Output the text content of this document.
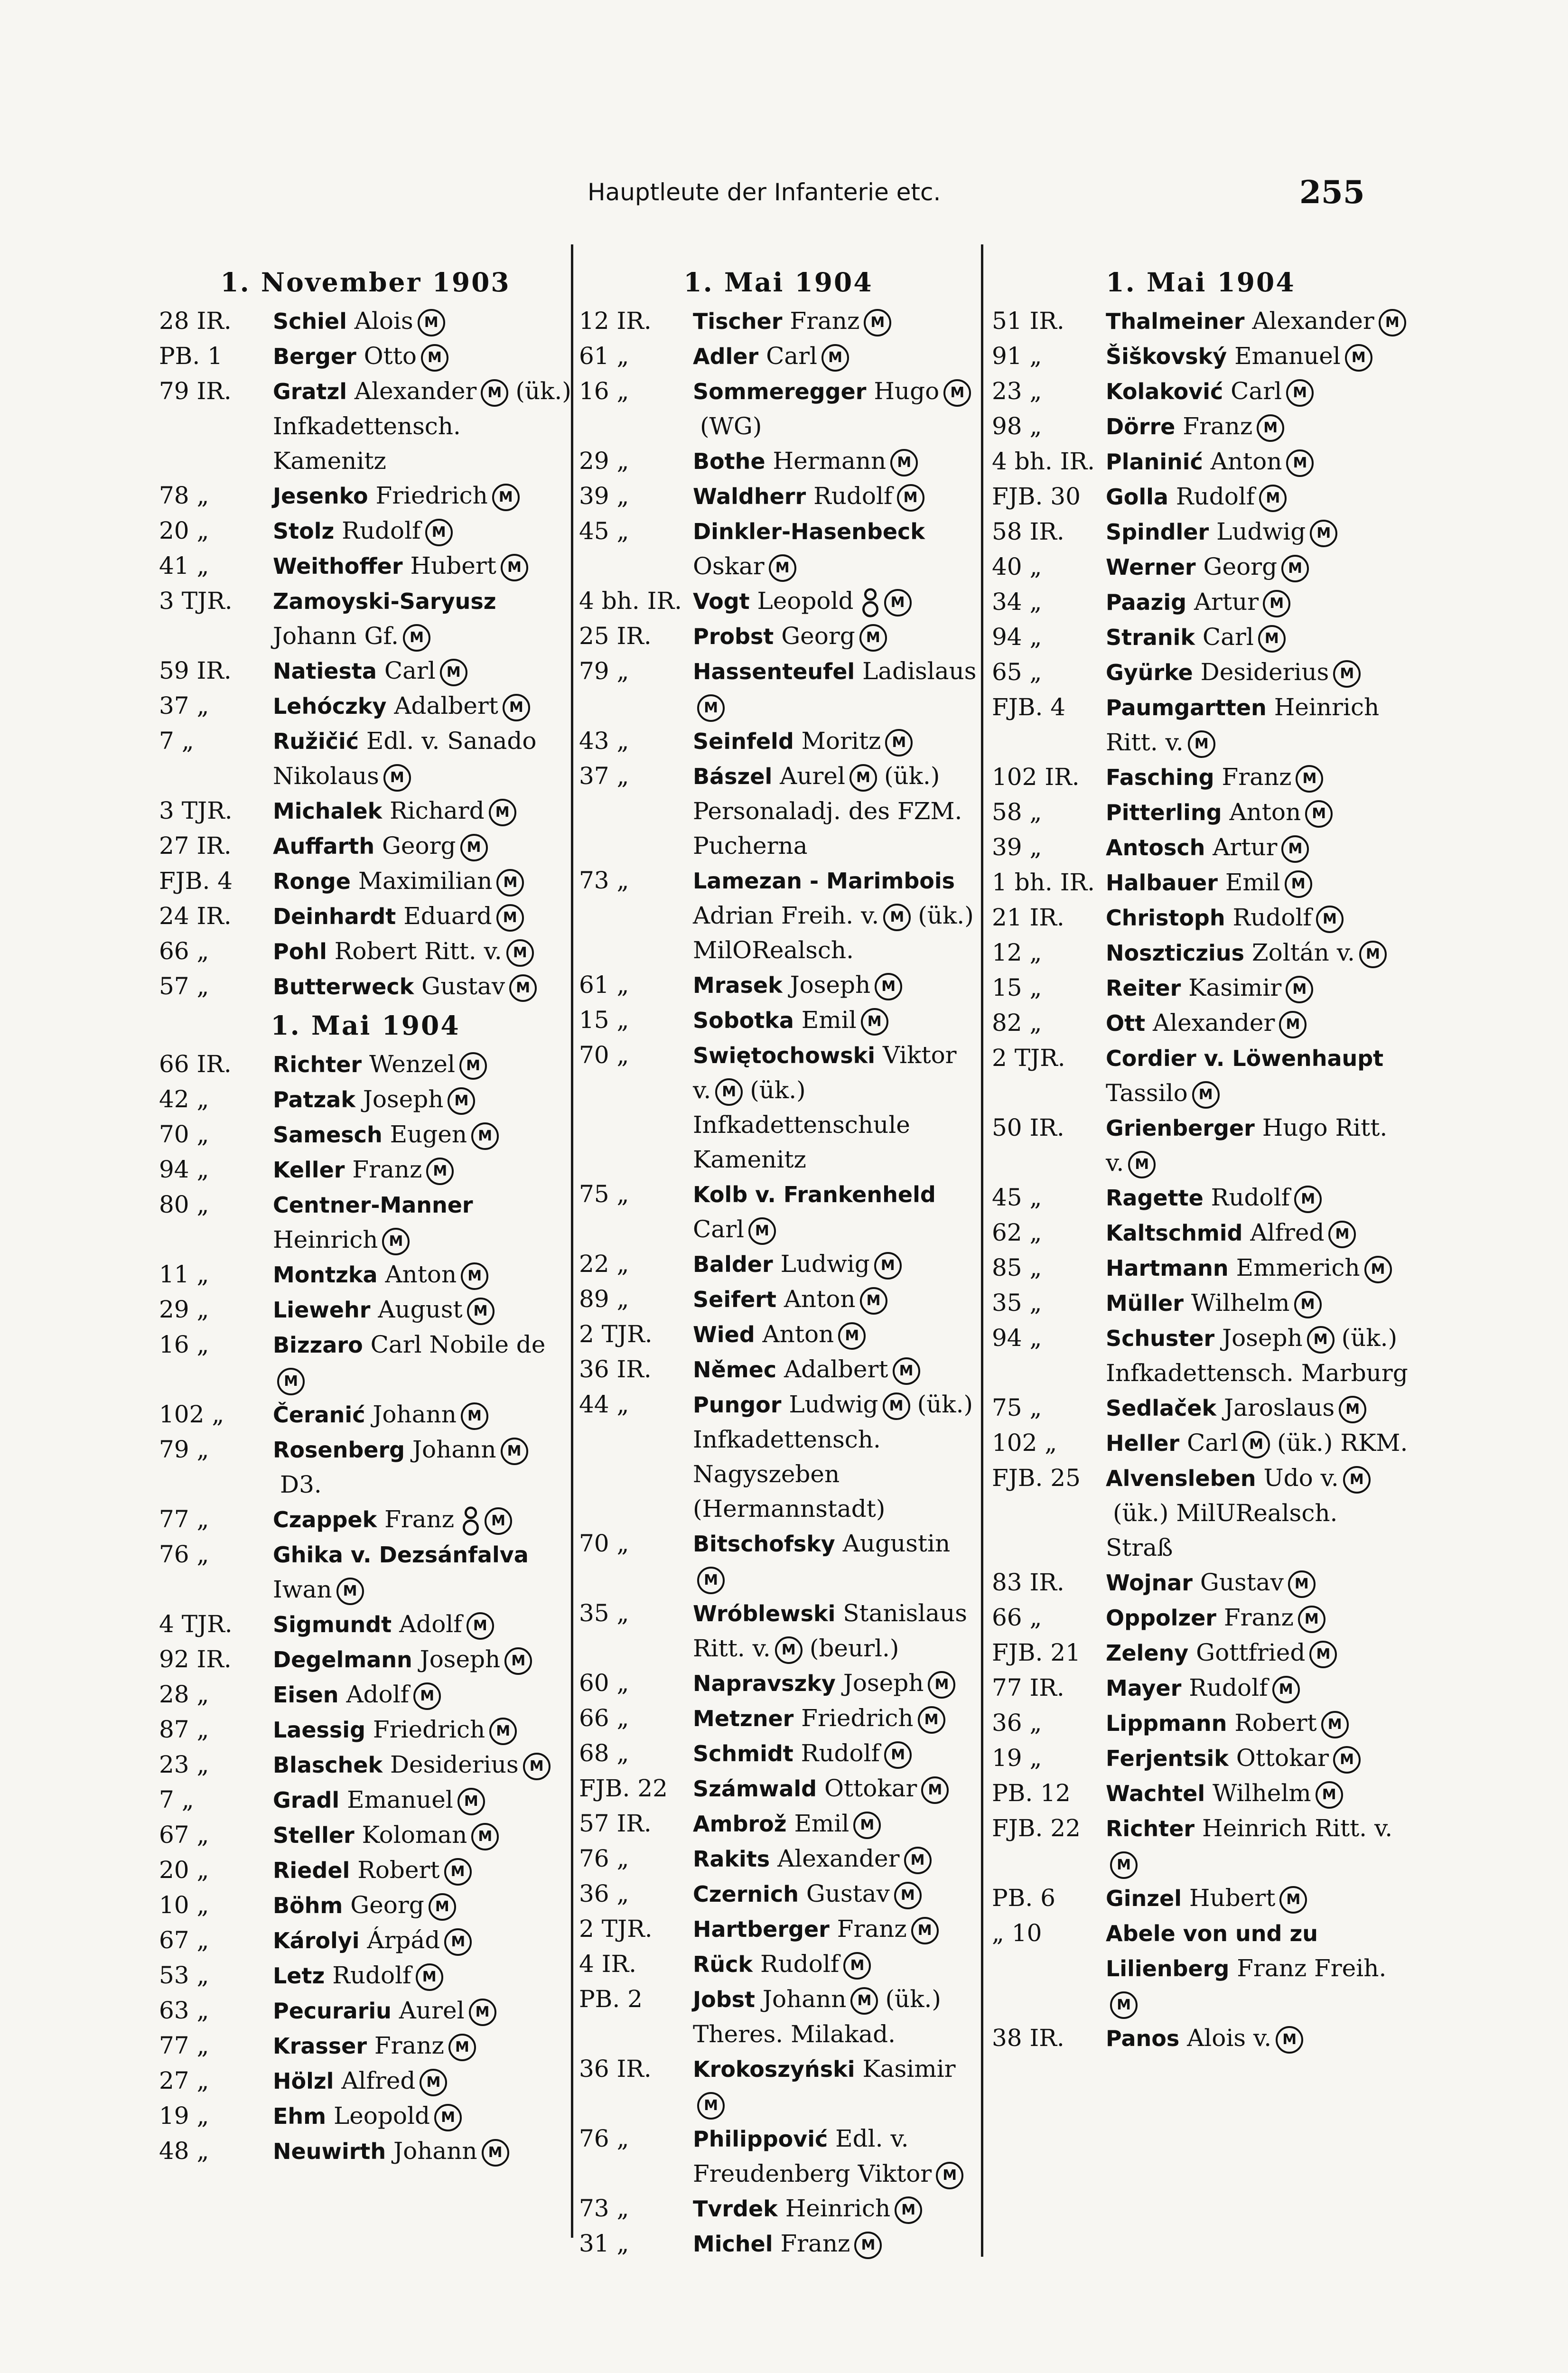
Hauptleute der Infanterie etc.	255
1. November 1903
28 IR.	Schiel Alois M
PB. 1	Berger Otto M
79 IR.	Gratzl Alexander M (ük.) Infkadettensch. Kamenitz
78 „	Jesenko Friedrich M
20 „	Stolz Rudolf M
41 „	Weithoffer Hubert M
3 TJR.	Zamoyski-Saryusz Johann Gf. M
59 IR.	Natiesta Carl M
37 „	Lehóczky Adalbert M
7 „	Ružičić Edl. v. Sanado Nikolaus M
3 TJR.	Michalek Richard M
27 IR.	Auffarth Georg M
FJB. 4	Ronge Maximilian M
24 IR.	Deinhardt Eduard M
66 „	Pohl Robert Ritt. v. M
57 „	Butterweck Gustav M
1. Mai 1904
66 IR.	Richter Wenzel M
42 „	Patzak Joseph M
70 „	Samesch Eugen M
94 „	Keller Franz M
80 „	Centner-Manner Heinrich M
11 „	Montzka Anton M
29 „	Liewehr August M
16 „	Bizzaro Carl Nobile deM
102 „	Čeranić Johann M
79 „	Rosenberg Johann MD3.
77 „	Czappek Franz	M
76 „	Ghika v. Dezsánfalva Iwan M
4 TJR.	Sigmundt Adolf M
92 IR.	Degelmann Joseph M
28 „	Eisen Adolf M
87 „	Laessig Friedrich M
23 „	Blaschek Desiderius M
7 „	Gradl Emanuel M
67 „	Steller Koloman M
20 „	Riedel Robert M
10 „	Böhm Georg M
67 „	Károlyi Árpád M
53 „	Letz Rudolf M
63 „	Pecurariu Aurel M
77 „	Krasser Franz M
27 „	Hölzl Alfred M
19 „	Ehm Leopold M
48 „	Neuwirth Johann M
1. Mai 1904
12 IR.	Tischer Franz M
61 „	Adler Carl M
16 „	Sommeregger Hugo M(WG)
29 „	Bothe Hermann M
39 „	Waldherr Rudolf M
45 „	Dinkler-Hasenbeck Oskar M
4 bh. IR. Vogt Leopold	M
25 IR.	Probst Georg M
79 „	Hassenteufel LadislausM
43 „	Seinfeld Moritz M
37 „	Bászel Aurel M (ük.) Personaladj. des FZM. Pucherna
73 „	Lamezan - Marimbois Adrian Freih. v. M (ük.) MilORealsch.
61 „	Mrasek Joseph M
15 „	Sobotka Emil M
70 „	Swiętochowski Viktor v. M (ük.) Infkadettenschule Kamenitz
75 „	Kolb v. Frankenheld Carl M
22 „	Balder Ludwig M
89 „	Seifert Anton M
2 TJR.	Wied Anton M
36 IR.	Němec Adalbert M
44 „	Pungor Ludwig M (ük.) Infkadettensch. Nagyszeben (Hermannstadt)
70 „	Bitschofsky AugustinM
35 „	Wróblewski Stanislaus Ritt. v. M (beurl.)
60 „	Napravszky Joseph M
66 „	Metzner Friedrich M
68 „	Schmidt Rudolf M
FJB. 22	Számwald Ottokar M
57 IR.	Ambrož Emil M
76 „	Rakits Alexander M
36 „	Czernich Gustav M
2 TJR.	Hartberger Franz M
4 IR.	Rück Rudolf M
PB. 2	Jobst Johann M (ük.) Theres. Milakad.
36 IR.	Krokoszyński KasimirM
76 „	Philippović Edl. v. Freudenberg Viktor M
73 „	Tvrdek Heinrich M
31 „	Michel Franz M
1. Mai 1904
51 IR.	Thalmeiner Alexander M
91 „	Šiškovský Emanuel M
23 „	Kolaković Carl M
98 „	Dörre Franz M
4 bh. IR. Planinić Anton M
FJB. 30	Golla Rudolf M
58 IR.	Spindler Ludwig M
40 „	Werner Georg M
34 „	Paazig Artur M
94 „	Stranik Carl M
65 „	Gyürke Desiderius M
FJB. 4	Paumgartten Heinrich Ritt. v. M
102 IR.	Fasching Franz M
58 „	Pitterling Anton M
39 „	Antosch Artur M
1 bh. IR. Halbauer Emil M
21 IR.	Christoph Rudolf M
12 „	Noszticzius Zoltán v. M
15 „	Reiter Kasimir M
82 „	Ott Alexander M
2 TJR.	Cordier v. Löwenhaupt Tassilo M
50 IR.	Grienberger Hugo Ritt. v. M
45 „	Ragette Rudolf M
62 „	Kaltschmid Alfred M
85 „	Hartmann Emmerich M
35 „	Müller Wilhelm M
94 „	Schuster Joseph M (ük.) Infkadettensch. Marburg
75 „	Sedlaček Jaroslaus M
102 „	Heller Carl M (ük.) RKM.
FJB. 25	Alvensleben Udo v. M(ük.) MilURealsch. Straß
83 IR.	Wojnar Gustav M
66 „	Oppolzer Franz M
FJB. 21	Zeleny Gottfried M
77 IR.	Mayer Rudolf M
36 „	Lippmann Robert M
19 „	Ferjentsik Ottokar M
PB. 12	Wachtel Wilhelm M
FJB. 22	Richter Heinrich Ritt. v.M
PB. 6	Ginzel Hubert M
„ 10	Abele von und zu Lilienberg Franz Freih.M
38 IR.	Panos Alois v. M
